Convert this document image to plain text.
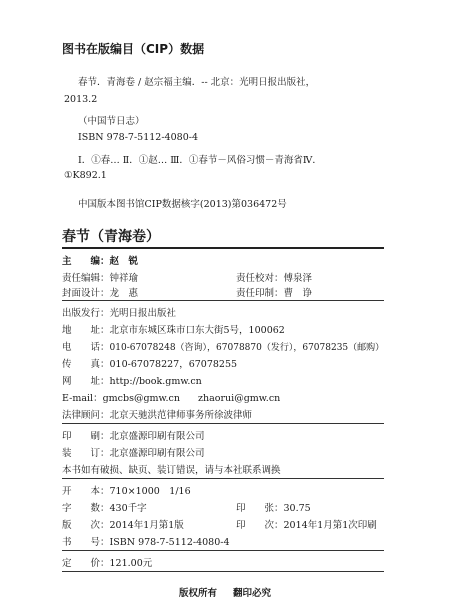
图书在版编目（CIP）数据
春节．青海卷 / 赵宗福主编．-- 北京：光明日报出版社，
2013.2
（中国节日志）
ISBN 978-7-5112-4080-4
Ⅰ．①春… Ⅱ．①赵… Ⅲ．①春节－风俗习惯－青海省Ⅳ．
①K892.1
中国版本图书馆CIP数据核字(2013)第036472号
春节（青海卷）
主　　编：赵　锐
责任编辑：钟祥瑜	责任校对：傅泉泽
封面设计：龙　惠	责任印制：曹　诤
出版发行：光明日报出版社
地　　址：北京市东城区珠市口东大街5号，100062
电　　话：010-67078248（咨询），67078870（发行），67078235（邮购）
传　　真：010-67078227，67078255
网　　址：http://book.gmw.cn
E-mail：gmcbs@gmw.cn zhaorui@gmw.cn
法律顾问：北京天驰洪范律师事务所徐波律师
印　　刷：北京盛源印刷有限公司
装　　订：北京盛源印刷有限公司
本书如有破损、缺页、装订错误，请与本社联系调换
开　　本：710×1000　1/16
字　　数：430千字	印　　张：30.75
版　　次：2014年1月第1版	印　　次：2014年1月第1次印刷
书　　号：ISBN 978-7-5112-4080-4
定　　价：121.00元
版权所有 翻印必究
